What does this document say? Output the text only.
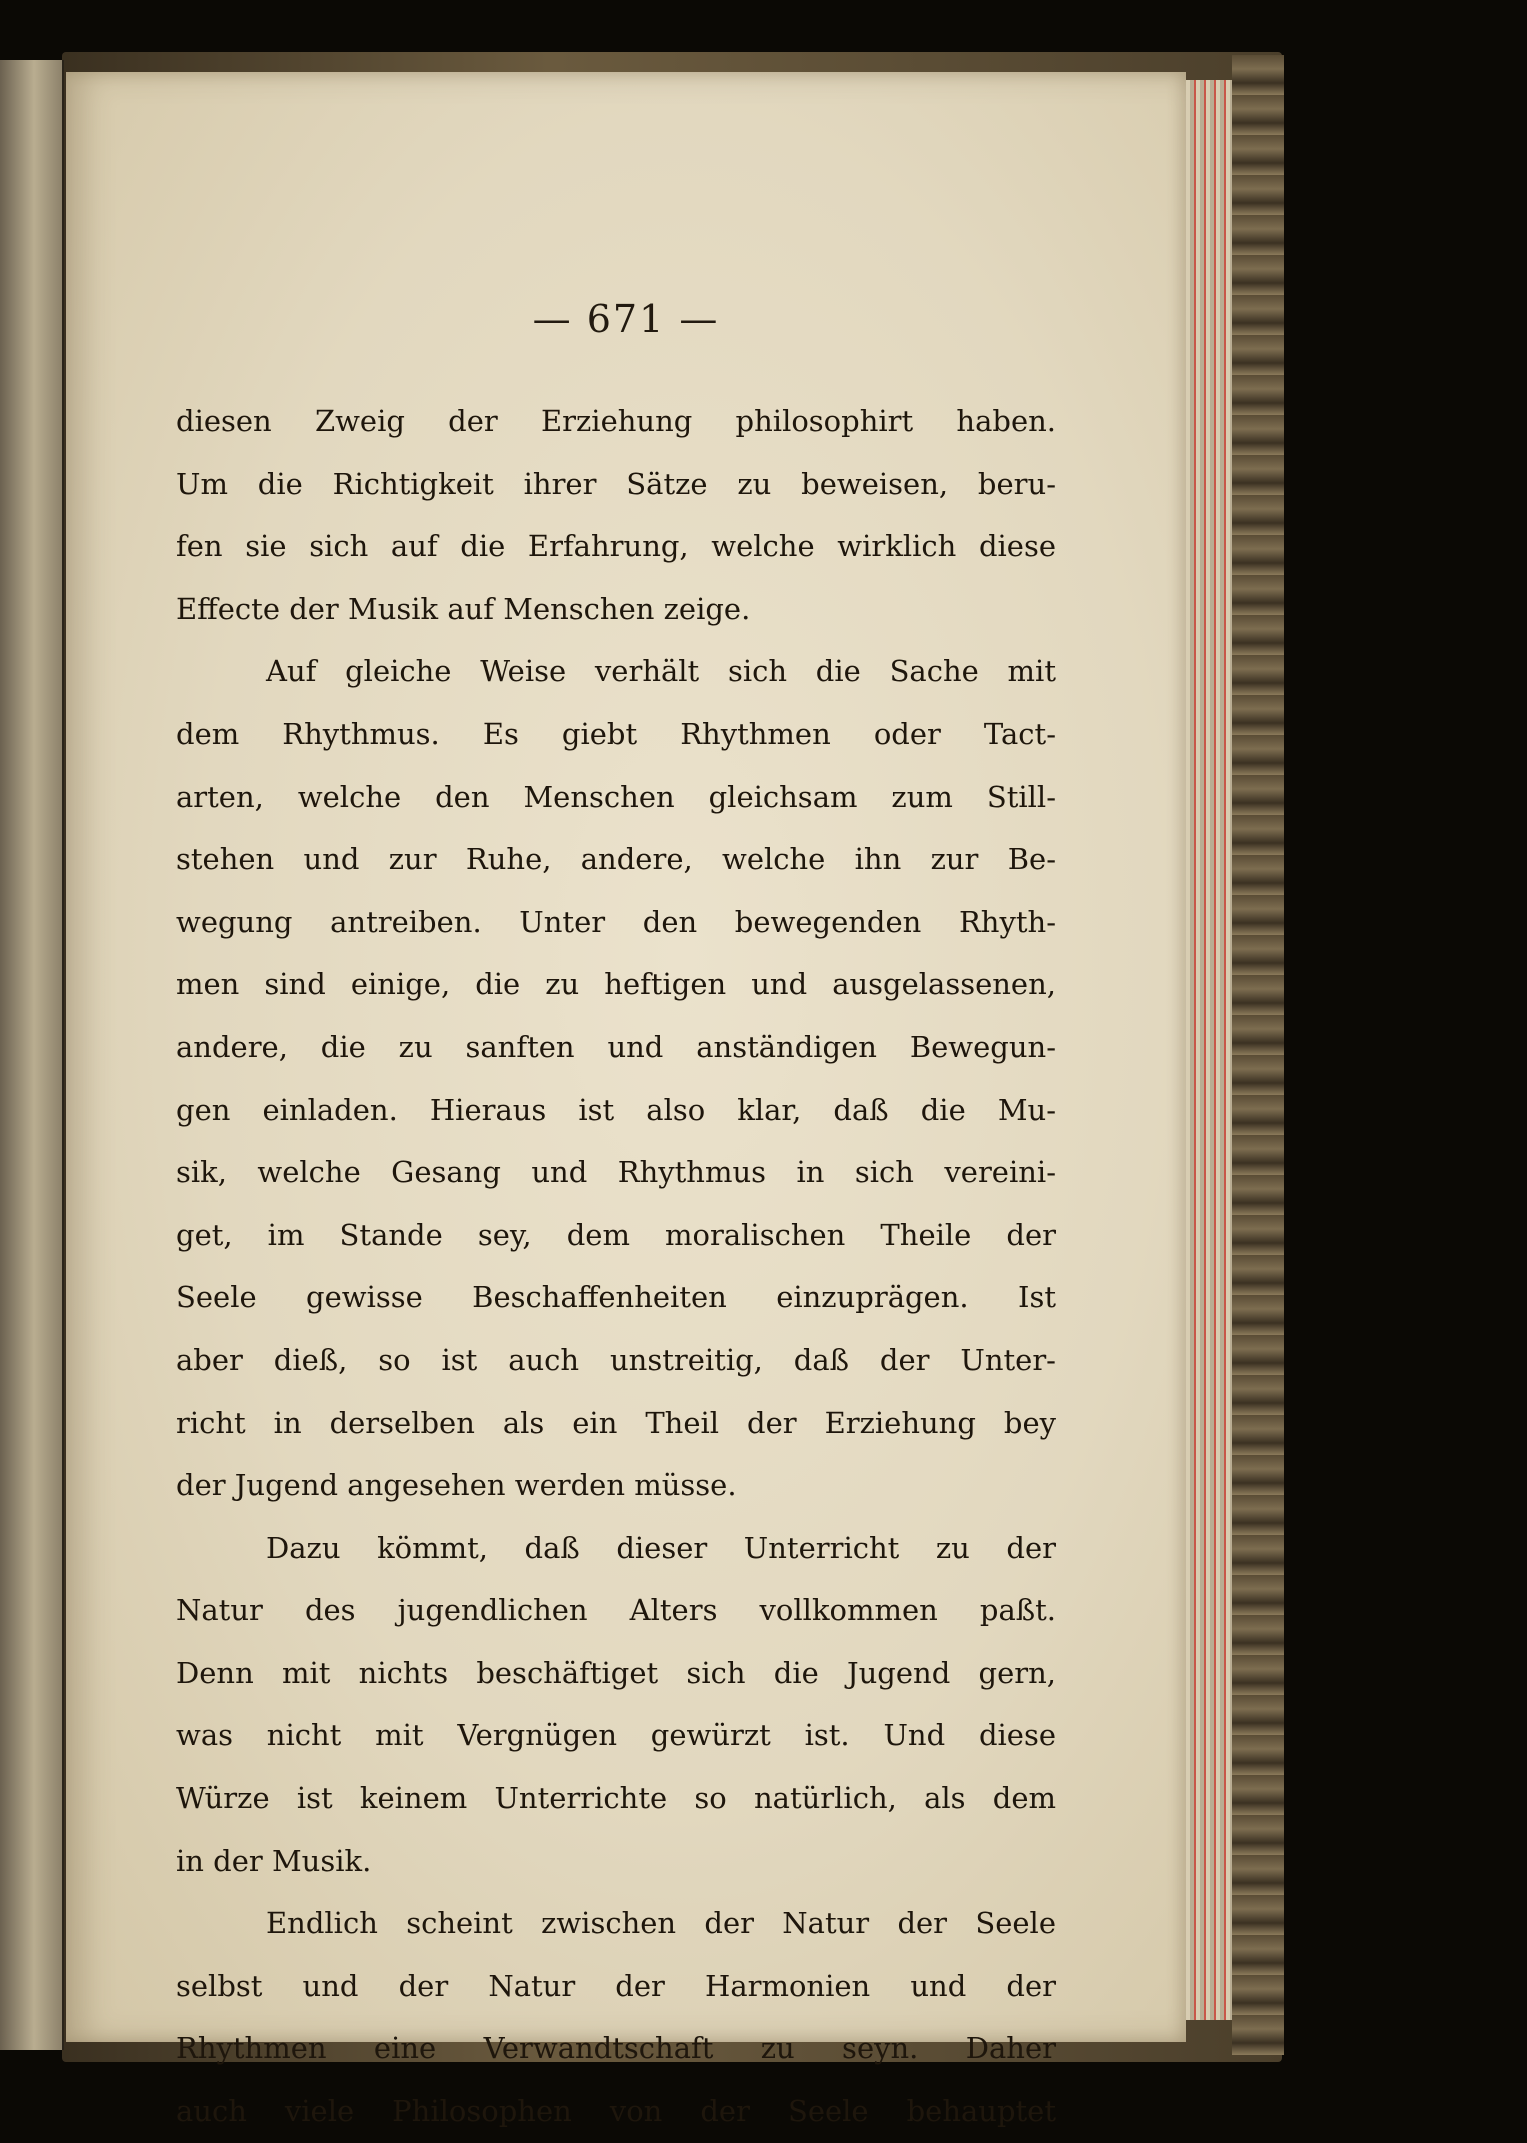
— 671 —
diesen Zweig der Erziehung philosophirt haben.
Um die Richtigkeit ihrer Sätze zu beweisen, beru-
fen sie sich auf die Erfahrung, welche wirklich diese
Effecte der Musik auf Menschen zeige.
Auf gleiche Weise verhält sich die Sache mit
dem Rhythmus. Es giebt Rhythmen oder Tact-
arten, welche den Menschen gleichsam zum Still-
stehen und zur Ruhe, andere, welche ihn zur Be-
wegung antreiben. Unter den bewegenden Rhyth-
men sind einige, die zu heftigen und ausgelassenen,
andere, die zu sanften und anständigen Bewegun-
gen einladen. Hieraus ist also klar, daß die Mu-
sik, welche Gesang und Rhythmus in sich vereini-
get, im Stande sey, dem moralischen Theile der
Seele gewisse Beschaffenheiten einzuprägen. Ist
aber dieß, so ist auch unstreitig, daß der Unter-
richt in derselben als ein Theil der Erziehung bey
der Jugend angesehen werden müsse.
Dazu kömmt, daß dieser Unterricht zu der
Natur des jugendlichen Alters vollkommen paßt.
Denn mit nichts beschäftiget sich die Jugend gern,
was nicht mit Vergnügen gewürzt ist. Und diese
Würze ist keinem Unterrichte so natürlich, als dem
in der Musik.
Endlich scheint zwischen der Natur der Seele
selbst und der Natur der Harmonien und der
Rhythmen eine Verwandtschaft zu seyn. Daher
auch viele Philosophen von der Seele behauptet
